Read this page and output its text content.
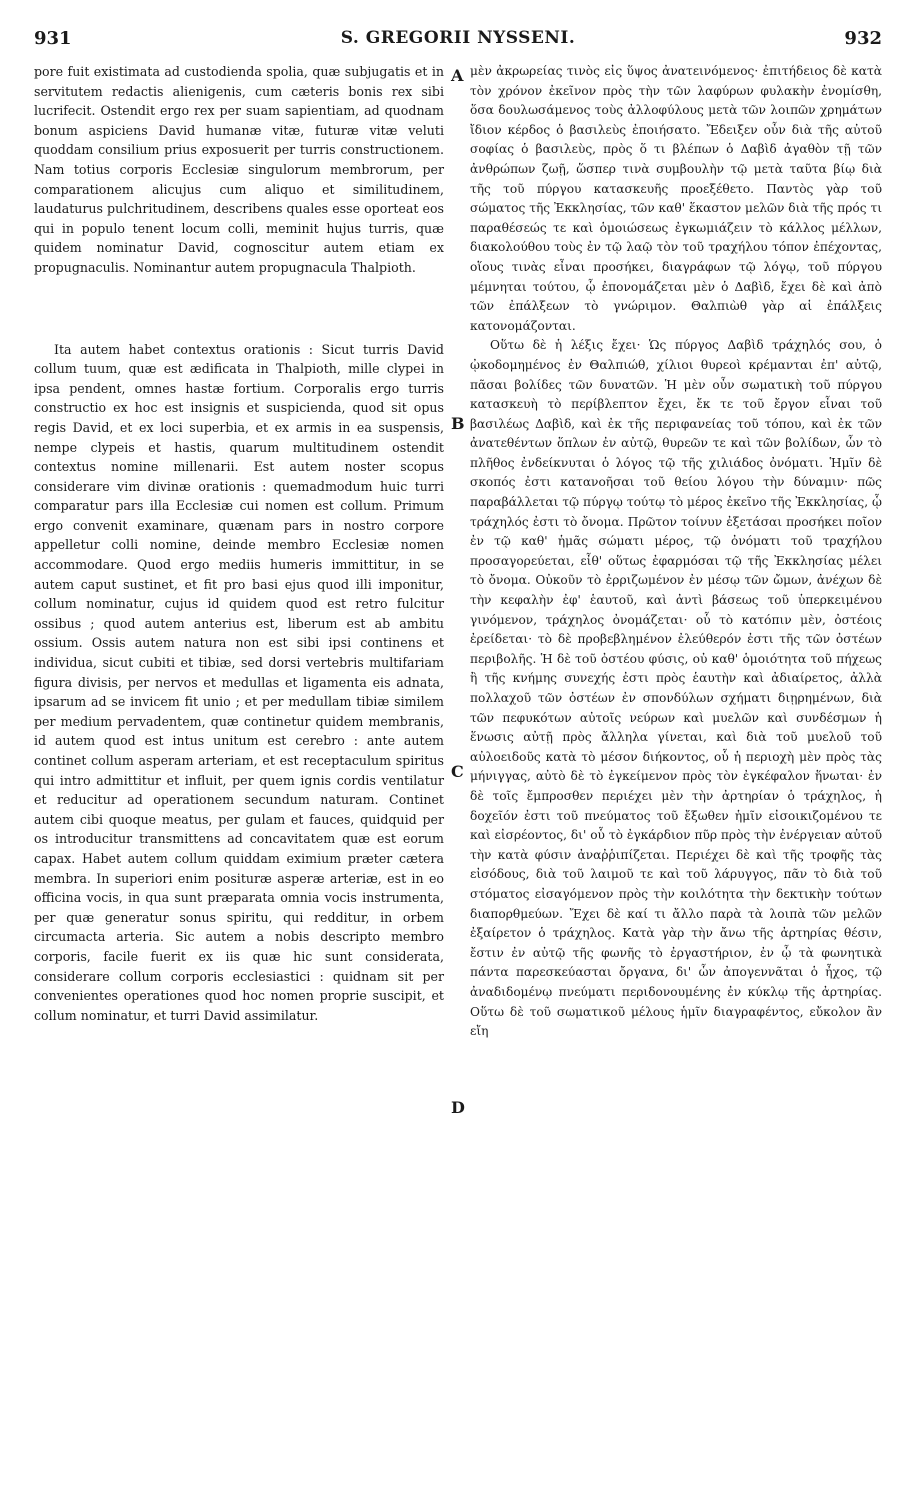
931	S. GREGORII NYSSENI.	932
A
B
C
D

pore fuit existimata ad custodienda spolia, quæ subjugatis et in servitutem redactis alienigenis, cum cæteris bonis rex sibi lucrifecit. Ostendit ergo rex per suam sapientiam, ad quodnam bonum aspiciens David humanæ vitæ, futuræ vitæ veluti quoddam consilium prius exposuerit per turris constructionem. Nam totius corporis Ecclesiæ singulorum membrorum, per comparationem alicujus cum aliquo et similitudinem, laudaturus pulchritudinem, describens quales esse oporteat eos qui in populo tenent locum colli, meminit hujus turris, quæ quidem nominatur David, cognoscitur autem etiam ex propugnaculis. Nominantur autem propugnacula Thalpioth.

Ita autem habet contextus orationis : Sicut turris David collum tuum, quæ est ædificata in Thalpioth, mille clypei in ipsa pendent, omnes hastæ fortium. Corporalis ergo turris constructio ex hoc est insignis et suspicienda, quod sit opus regis David, et ex loci superbia, et ex armis in ea suspensis, nempe clypeis et hastis, quarum multitudinem ostendit contextus nomine millenarii. Est autem noster scopus considerare vim divinæ orationis : quemadmodum huic turri comparatur pars illa Ecclesiæ cui nomen est collum. Primum ergo convenit examinare, quænam pars in nostro corpore appelletur colli nomine, deinde membro Ecclesiæ nomen accommodare. Quod ergo mediis humeris immittitur, in se autem caput sustinet, et fit pro basi ejus quod illi imponitur, collum nominatur, cujus id quidem quod est retro fulcitur ossibus ; quod autem anterius est, liberum est ab ambitu ossium. Ossis autem natura non est sibi ipsi continens et individua, sicut cubiti et tibiæ, sed dorsi vertebris multifariam figura divisis, per nervos et medullas et ligamenta eis adnata, ipsarum ad se invicem fit unio ; et per medullam tibiæ similem per medium pervadentem, quæ continetur quidem membranis, id autem quod est intus unitum est cerebro : ante autem continet collum asperam arteriam, et est receptaculum spiritus qui intro admittitur et influit, per quem ignis cordis ventilatur et reducitur ad operationem secundum naturam. Continet autem cibi quoque meatus, per gulam et fauces, quidquid per os introducitur transmittens ad concavitatem quæ est eorum capax. Habet autem collum quiddam eximium præter cætera membra. In superiori enim posituræ asperæ arteriæ, est in eo officina vocis, in qua sunt præparata omnia vocis instrumenta, per quæ generatur sonus spiritu, qui redditur, in orbem circumacta arteria. Sic autem a nobis descripto membro corporis, facile fuerit ex iis quæ hic sunt considerata, considerare collum corporis ecclesiastici : quidnam sit per convenientes operationes quod hoc nomen proprie suscipit, et collum nominatur, et turri David assimilatur.

μὲν ἀκρωρείας τινὸς εἰς ὕψος ἀνατεινόμενος· ἐπιτήδειος δὲ κατὰ τὸν χρόνον ἐκεῖνον πρὸς τὴν τῶν λαφύρων φυλακὴν ἐνομίσθη, ὅσα δουλωσάμενος τοὺς ἀλλοφύλους μετὰ τῶν λοιπῶν χρημάτων ἴδιον κέρδος ὁ βασιλεὺς ἐποιήσατο. Ἔδειξεν οὖν διὰ τῆς αὐτοῦ σοφίας ὁ βασιλεὺς, πρὸς ὅ τι βλέπων ὁ Δαβὶδ ἀγαθὸν τῇ τῶν ἀνθρώπων ζωῇ, ὥσπερ τινὰ συμβουλὴν τῷ μετὰ ταῦτα βίῳ διὰ τῆς τοῦ πύργου κατασκευῆς προεξέθετο. Παντὸς γὰρ τοῦ σώματος τῆς Ἐκκλησίας, τῶν καθ' ἕκαστον μελῶν διὰ τῆς πρός τι παραθέσεώς τε καὶ ὁμοιώσεως ἐγκωμιάζειν τὸ κάλλος μέλλων, διακολούθου τοὺς ἐν τῷ λαῷ τὸν τοῦ τραχήλου τόπον ἐπέχοντας, οἵους τινὰς εἶναι προσήκει, διαγράφων τῷ λόγῳ, τοῦ πύργου μέμνηται τούτου, ᾧ ἐπονομάζεται μὲν ὁ Δαβὶδ, ἔχει δὲ καὶ ἀπὸ τῶν ἐπάλξεων τὸ γνώριμον. Θαλπιὼθ γὰρ αἱ ἐπάλξεις κατονομάζονται.

Οὕτω δὲ ἡ λέξις ἔχει· Ὡς πύργος Δαβὶδ τράχηλός σου, ὁ ᾠκοδομημένος ἐν Θαλπιώθ, χίλιοι θυρεοὶ κρέμανται ἐπ' αὐτῷ, πᾶσαι βολίδες τῶν δυνατῶν. Ἡ μὲν οὖν σωματικὴ τοῦ πύργου κατασκευὴ τὸ περίβλεπτον ἔχει, ἔκ τε τοῦ ἔργον εἶναι τοῦ βασιλέως Δαβὶδ, καὶ ἐκ τῆς περιφανείας τοῦ τόπου, καὶ ἐκ τῶν ἀνατεθέντων ὅπλων ἐν αὐτῷ, θυρεῶν τε καὶ τῶν βολίδων, ὧν τὸ πλῆθος ἐνδείκνυται ὁ λόγος τῷ τῆς χιλιάδος ὀνόματι. Ἡμῖν δὲ σκοπός ἐστι κατανοῆσαι τοῦ θείου λόγου τὴν δύναμιν· πῶς παραβάλλεται τῷ πύργῳ τούτῳ τὸ μέρος ἐκεῖνο τῆς Ἐκκλησίας, ᾧ τράχηλός ἐστι τὸ ὄνομα. Πρῶτον τοίνυν ἐξετάσαι προσήκει ποῖον ἐν τῷ καθ' ἡμᾶς σώματι μέρος, τῷ ὀνόματι τοῦ τραχήλου προσαγορεύεται, εἶθ' οὕτως ἐφαρμόσαι τῷ τῆς Ἐκκλησίας μέλει τὸ ὄνομα. Οὐκοῦν τὸ ἐρριζωμένον ἐν μέσῳ τῶν ὤμων, ἀνέχων δὲ τὴν κεφαλὴν ἐφ' ἑαυτοῦ, καὶ ἀντὶ βάσεως τοῦ ὑπερκειμένου γινόμενον, τράχηλος ὀνομάζεται· οὗ τὸ κατόπιν μὲν, ὀστέοις ἐρείδεται· τὸ δὲ προβεβλημένον ἐλεύθερόν ἐστι τῆς τῶν ὀστέων περιβολῆς. Ἡ δὲ τοῦ ὀστέου φύσις, οὐ καθ' ὁμοιότητα τοῦ πήχεως ἢ τῆς κνήμης συνεχής ἐστι πρὸς ἑαυτὴν καὶ ἀδιαίρετος, ἀλλὰ πολλαχοῦ τῶν ὀστέων ἐν σπονδύλων σχήματι διῃρημένων, διὰ τῶν πεφυκότων αὐτοῖς νεύρων καὶ μυελῶν καὶ συνδέσμων ἡ ἕνωσις αὐτῇ πρὸς ἄλληλα γίνεται, καὶ διὰ τοῦ μυελοῦ τοῦ αὐλοειδοῦς κατὰ τὸ μέσον διήκοντος, οὗ ἡ περιοχὴ μὲν πρὸς τὰς μήνιγγας, αὐτὸ δὲ τὸ ἐγκείμενον πρὸς τὸν ἐγκέφαλον ἥνωται· ἐν δὲ τοῖς ἔμπροσθεν περιέχει μὲν τὴν ἀρτηρίαν ὁ τράχηλος, ἡ δοχεῖόν ἐστι τοῦ πνεύματος τοῦ ἔξωθεν ἡμῖν εἰσοικιζομένου τε καὶ εἰσρέοντος, δι' οὗ τὸ ἐγκάρδιον πῦρ πρὸς τὴν ἐνέργειαν αὐτοῦ τὴν κατὰ φύσιν ἀναῤῥιπίζεται. Περιέχει δὲ καὶ τῆς τροφῆς τὰς εἰσόδους, διὰ τοῦ λαιμοῦ τε καὶ τοῦ λάρυγγος, πᾶν τὸ διὰ τοῦ στόματος εἰσαγόμενον πρὸς τὴν κοιλότητα τὴν δεκτικὴν τούτων διαπορθμεύων. Ἔχει δὲ καί τι ἄλλο παρὰ τὰ λοιπὰ τῶν μελῶν ἐξαίρετον ὁ τράχηλος. Κατὰ γὰρ τὴν ἄνω τῆς ἀρτηρίας θέσιν, ἔστιν ἐν αὐτῷ τῆς φωνῆς τὸ ἐργαστήριον, ἐν ᾧ τὰ φωνητικὰ πάντα παρεσκεύασται ὄργανα, δι' ὧν ἀπογεννᾶται ὁ ἦχος, τῷ ἀναδιδομένῳ πνεύματι περιδονουμένης ἐν κύκλῳ τῆς ἀρτηρίας. Οὕτω δὲ τοῦ σωματικοῦ μέλους ἡμῖν διαγραφέντος, εὔκολον ἂν εἴη
